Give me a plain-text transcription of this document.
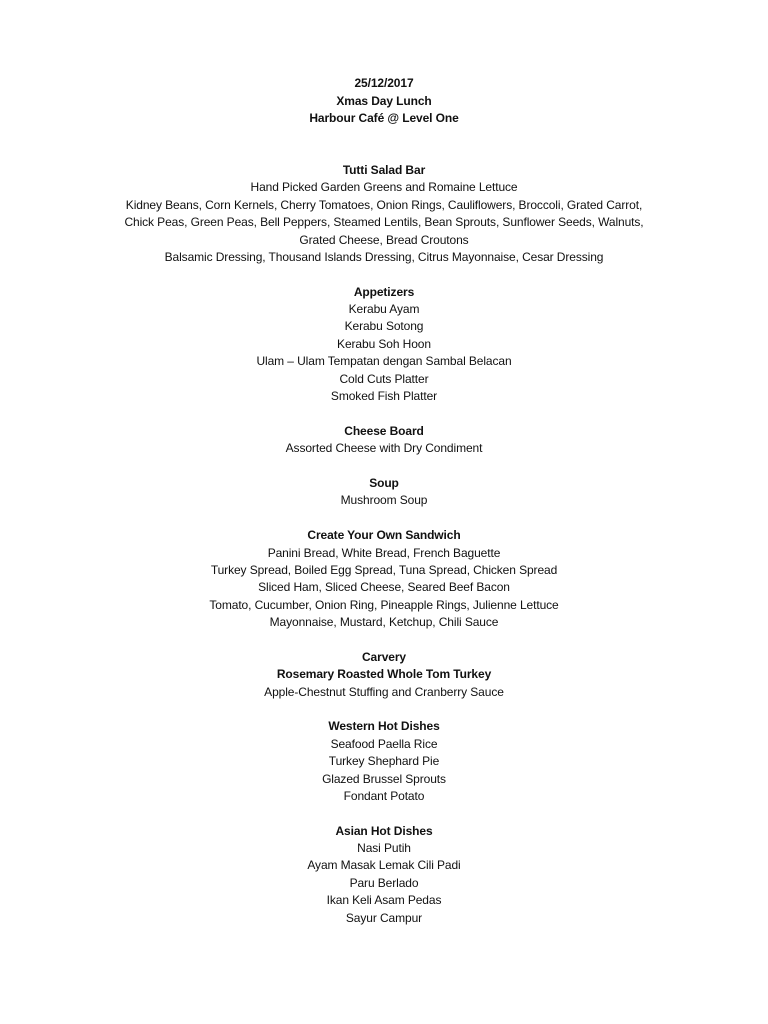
25/12/2017
Xmas Day Lunch
Harbour Café @ Level One
Tutti Salad Bar
Hand Picked Garden Greens and Romaine Lettuce
Kidney Beans, Corn Kernels, Cherry Tomatoes, Onion Rings, Cauliflowers, Broccoli, Grated Carrot,
Chick Peas, Green Peas, Bell Peppers, Steamed Lentils, Bean Sprouts, Sunflower Seeds, Walnuts,
Grated Cheese, Bread Croutons
Balsamic Dressing, Thousand Islands Dressing, Citrus Mayonnaise, Cesar Dressing
Appetizers
Kerabu Ayam
Kerabu Sotong
Kerabu Soh Hoon
Ulam – Ulam Tempatan dengan Sambal Belacan
Cold Cuts Platter
Smoked Fish Platter
Cheese Board
Assorted Cheese with Dry Condiment
Soup
Mushroom Soup
Create Your Own Sandwich
Panini Bread, White Bread, French Baguette
Turkey Spread, Boiled Egg Spread, Tuna Spread, Chicken Spread
Sliced Ham, Sliced Cheese, Seared Beef Bacon
Tomato, Cucumber, Onion Ring, Pineapple Rings, Julienne Lettuce
Mayonnaise, Mustard, Ketchup, Chili Sauce
Carvery
Rosemary Roasted Whole Tom Turkey
Apple-Chestnut Stuffing and Cranberry Sauce
Western Hot Dishes
Seafood Paella Rice
Turkey Shephard Pie
Glazed Brussel Sprouts
Fondant Potato
Asian Hot Dishes
Nasi Putih
Ayam Masak Lemak Cili Padi
Paru Berlado
Ikan Keli Asam Pedas
Sayur Campur
